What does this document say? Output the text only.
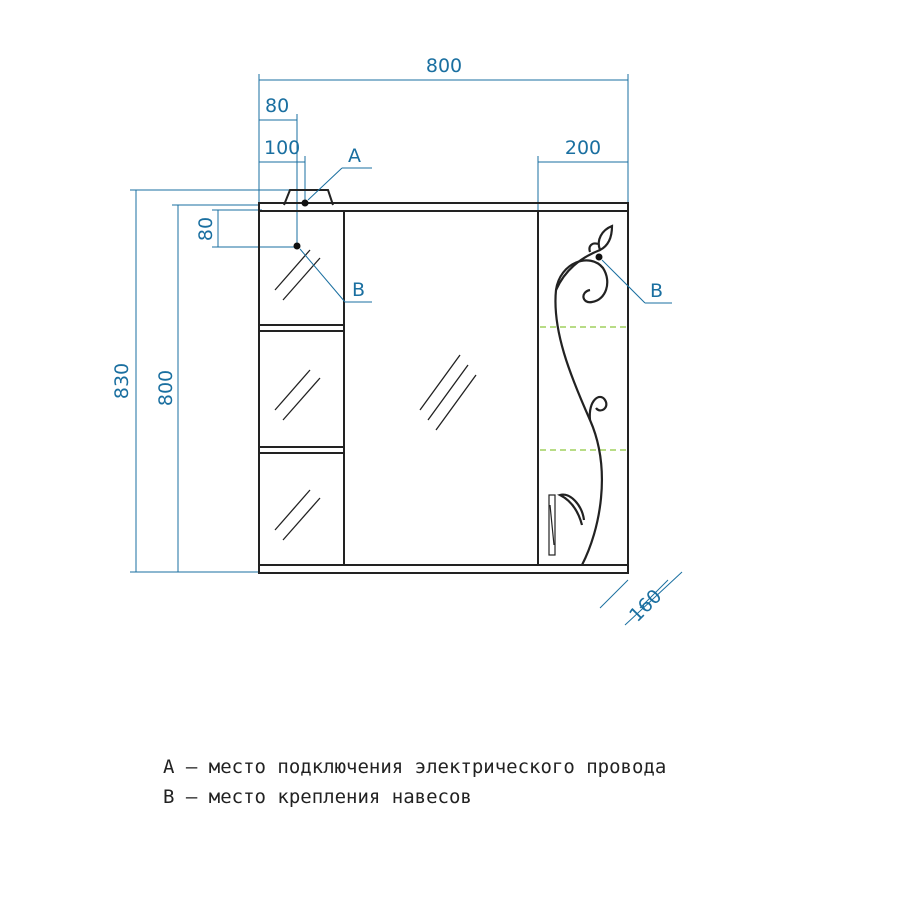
800
80
100	200
830 800
80
160
A
B	B
A – место подключения электрического провода
B – место крепления навесов
